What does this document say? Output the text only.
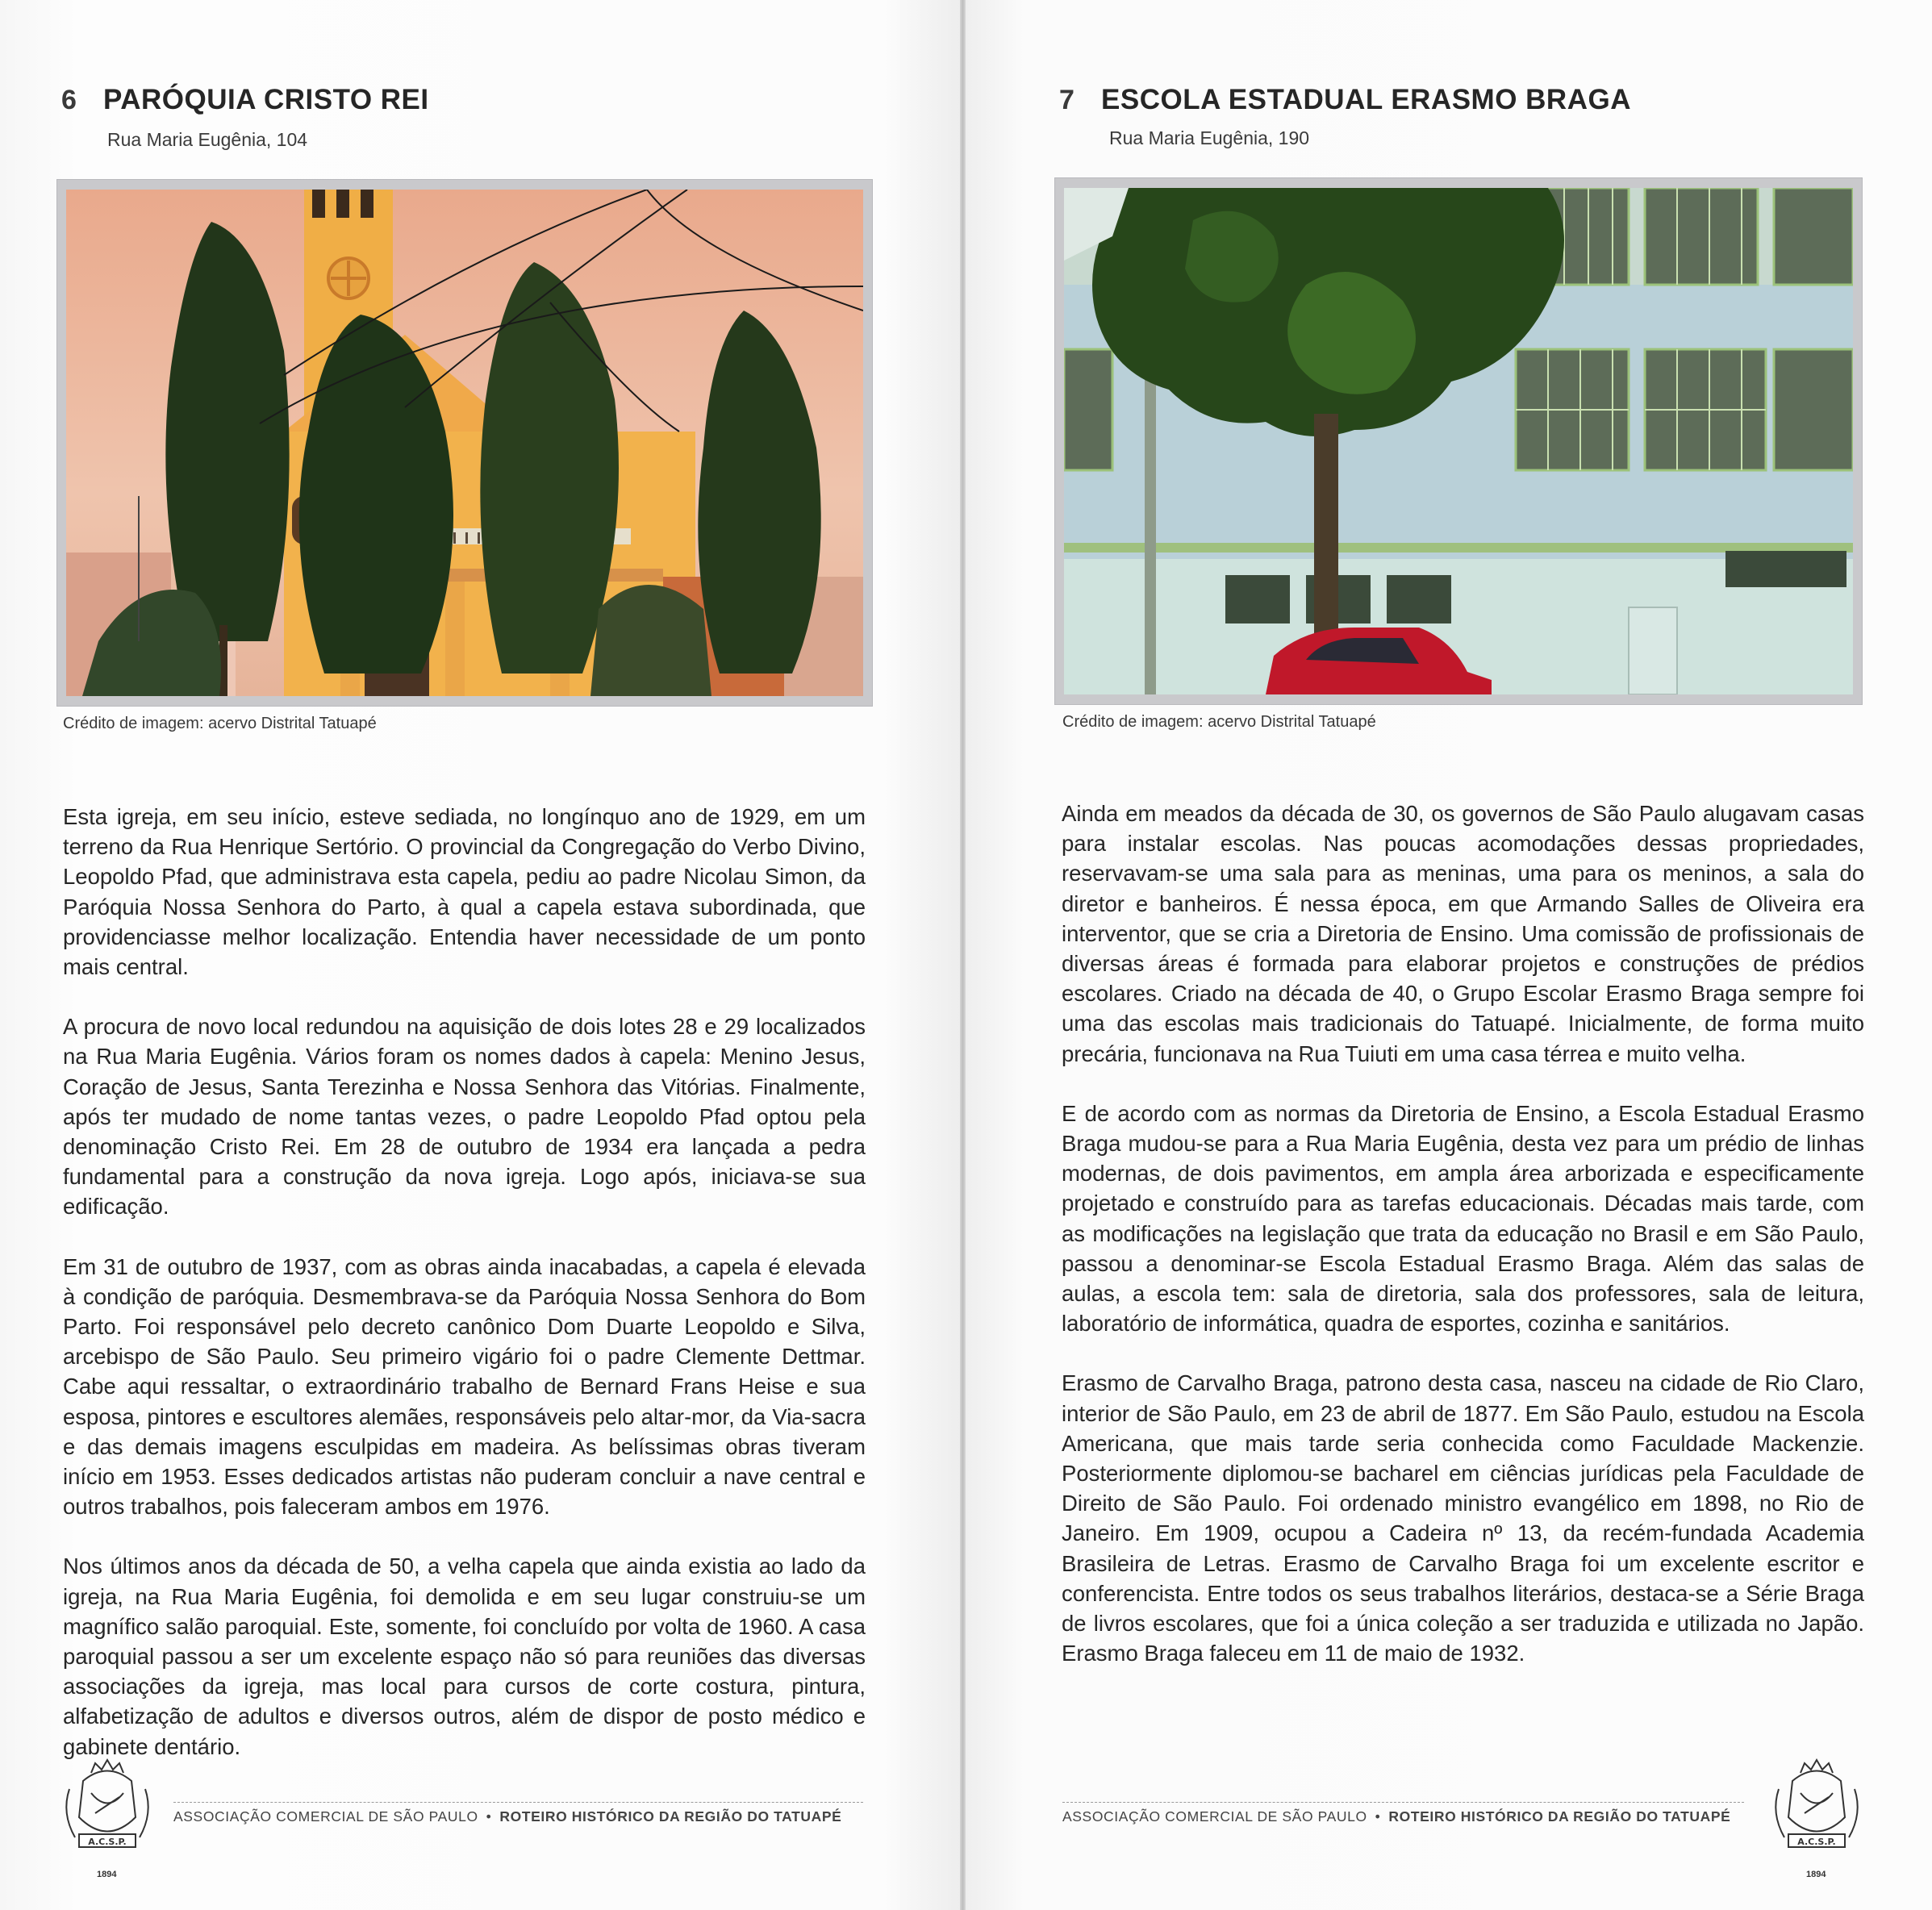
6 PARÓQUIA CRISTO REI
Rua Maria Eugênia, 104
Crédito de imagem: acervo Distrital Tatuapé

Esta igreja, em seu início, esteve sediada, no longínquo ano de 1929, em um terreno da Rua Henrique Sertório. O provincial da Congregação do Verbo Divino, Leopoldo Pfad, que administrava esta capela, pediu ao padre Nicolau Simon, da Paróquia Nossa Senhora do Parto, à qual a capela estava subordinada, que providenciasse melhor localização. Entendia haver necessidade de um ponto mais central.

A procura de novo local redundou na aquisição de dois lotes 28 e 29 localizados na Rua Maria Eugênia. Vários foram os nomes dados à capela: Menino Jesus, Coração de Jesus, Santa Terezinha e Nossa Senhora das Vitórias. Finalmente, após ter mudado de nome tantas vezes, o padre Leopoldo Pfad optou pela denominação Cristo Rei. Em 28 de outubro de 1934 era lançada a pedra fundamental para a construção da nova igreja. Logo após, iniciava-se sua edificação.

Em 31 de outubro de 1937, com as obras ainda inacabadas, a capela é elevada à condição de paróquia. Desmembrava-se da Paróquia Nossa Senhora do Bom Parto. Foi responsável pelo decreto canônico Dom Duarte Leopoldo e Silva, arcebispo de São Paulo. Seu primeiro vigário foi o padre Clemente Dettmar. Cabe aqui ressaltar, o extraordinário trabalho de Bernard Frans Heise e sua esposa, pintores e escultores alemães, responsáveis pelo altar-mor, da Via-sacra e das demais imagens esculpidas em madeira. As belíssimas obras tiveram início em 1953. Esses dedicados artistas não puderam concluir a nave central e outros trabalhos, pois faleceram ambos em 1976.

Nos últimos anos da década de 50, a velha capela que ainda existia ao lado da igreja, na Rua Maria Eugênia, foi demolida e em seu lugar construiu-se um magnífico salão paroquial. Este, somente, foi concluído por volta de 1960. A casa paroquial passou a ser um excelente espaço não só para reuniões das diversas associações da igreja, mas local para cursos de corte costura, pintura, alfabetização de adultos e diversos outros, além de dispor de posto médico e gabinete dentário.

A.C.S.P.
1894
ASSOCIAÇÃO COMERCIAL DE SÃO PAULO • ROTEIRO HISTÓRICO DA REGIÃO DO TATUAPÉ
7 ESCOLA ESTADUAL ERASMO BRAGA
Rua Maria Eugênia, 190
Crédito de imagem: acervo Distrital Tatuapé

Ainda em meados da década de 30, os governos de São Paulo alugavam casas para instalar escolas. Nas poucas acomodações dessas propriedades, reservavam-se uma sala para as meninas, uma para os meninos, a sala do diretor e banheiros. É nessa época, em que Armando Salles de Oliveira era interventor, que se cria a Diretoria de Ensino. Uma comissão de profissionais de diversas áreas é formada para elaborar projetos e construções de prédios escolares. Criado na década de 40, o Grupo Escolar Erasmo Braga sempre foi uma das escolas mais tradicionais do Tatuapé. Inicialmente, de forma muito precária, funcionava na Rua Tuiuti em uma casa térrea e muito velha.

E de acordo com as normas da Diretoria de Ensino, a Escola Estadual Erasmo Braga mudou-se para a Rua Maria Eugênia, desta vez para um prédio de linhas modernas, de dois pavimentos, em ampla área arborizada e especificamente projetado e construído para as tarefas educacionais. Décadas mais tarde, com as modificações na legislação que trata da educação no Brasil e em São Paulo, passou a denominar-se Escola Estadual Erasmo Braga. Além das salas de aulas, a escola tem: sala de diretoria, sala dos professores, sala de leitura, laboratório de informática, quadra de esportes, cozinha e sanitários.

Erasmo de Carvalho Braga, patrono desta casa, nasceu na cidade de Rio Claro, interior de São Paulo, em 23 de abril de 1877. Em São Paulo, estudou na Escola Americana, que mais tarde seria conhecida como Faculdade Mackenzie. Posteriormente diplomou-se bacharel em ciências jurídicas pela Faculdade de Direito de São Paulo. Foi ordenado ministro evangélico em 1898, no Rio de Janeiro. Em 1909, ocupou a Cadeira nº 13, da recém-fundada Academia Brasileira de Letras. Erasmo de Carvalho Braga foi um excelente escritor e conferencista. Entre todos os seus trabalhos literários, destaca-se a Série Braga de livros escolares, que foi a única coleção a ser traduzida e utilizada no Japão. Erasmo Braga faleceu em 11 de maio de 1932.

ASSOCIAÇÃO COMERCIAL DE SÃO PAULO • ROTEIRO HISTÓRICO DA REGIÃO DO TATUAPÉ
A.C.S.P.
1894
